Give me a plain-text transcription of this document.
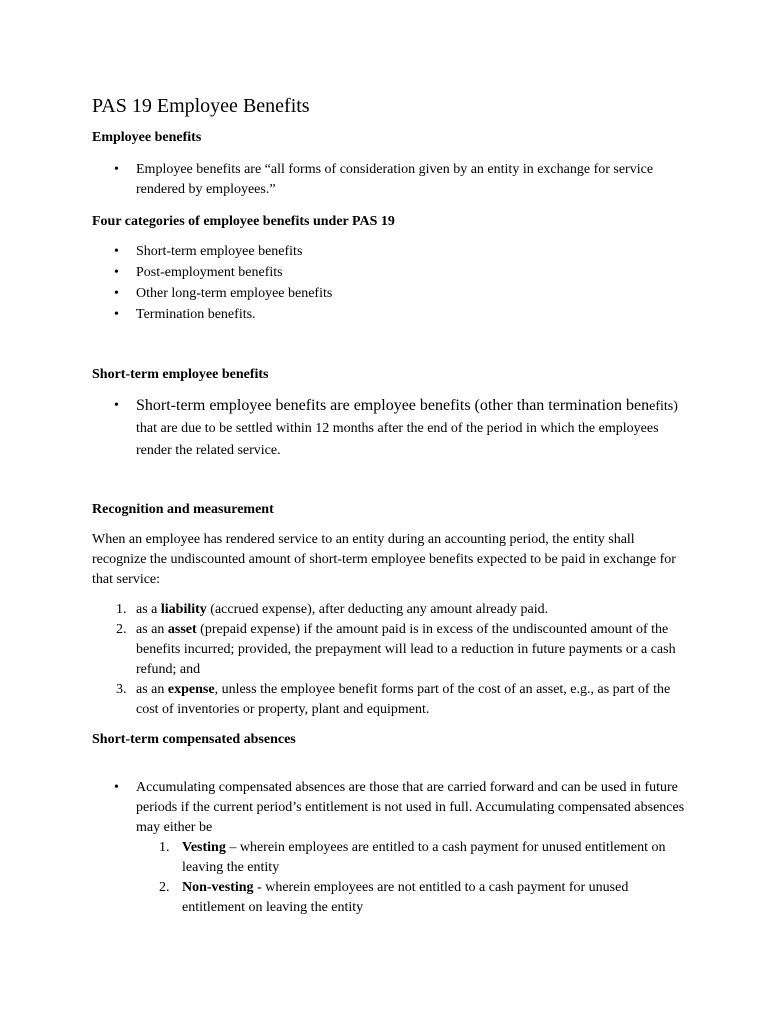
PAS 19 Employee Benefits
Employee benefits
• Employee benefits are “all forms of consideration given by an entity in exchange for service rendered by employees.”
Four categories of employee benefits under PAS 19
• Short-term employee benefits
• Post-employment benefits
• Other long-term employee benefits
• Termination benefits.
Short-term employee benefits
• Short-term employee benefits are employee benefits (other than termination benefits) that are due to be settled within 12 months after the end of the period in which the employees render the related service.
Recognition and measurement

When an employee has rendered service to an entity during an accounting period, the entity shall recognize the undiscounted amount of short-term employee benefits expected to be paid in exchange for that service:

1. as a liability (accrued expense), after deducting any amount already paid.
2. as an asset (prepaid expense) if the amount paid is in excess of the undiscounted amount of the benefits incurred; provided, the prepayment will lead to a reduction in future payments or a cash refund; and
3. as an expense, unless the employee benefit forms part of the cost of an asset, e.g., as part of the cost of inventories or property, plant and equipment.
Short-term compensated absences
• Accumulating compensated absences are those that are carried forward and can be used in future periods if the current period’s entitlement is not used in full. Accumulating compensated absences may either be
1. Vesting – wherein employees are entitled to a cash payment for unused entitlement on leaving the entity
2. Non-vesting - wherein employees are not entitled to a cash payment for unused entitlement on leaving the entity
